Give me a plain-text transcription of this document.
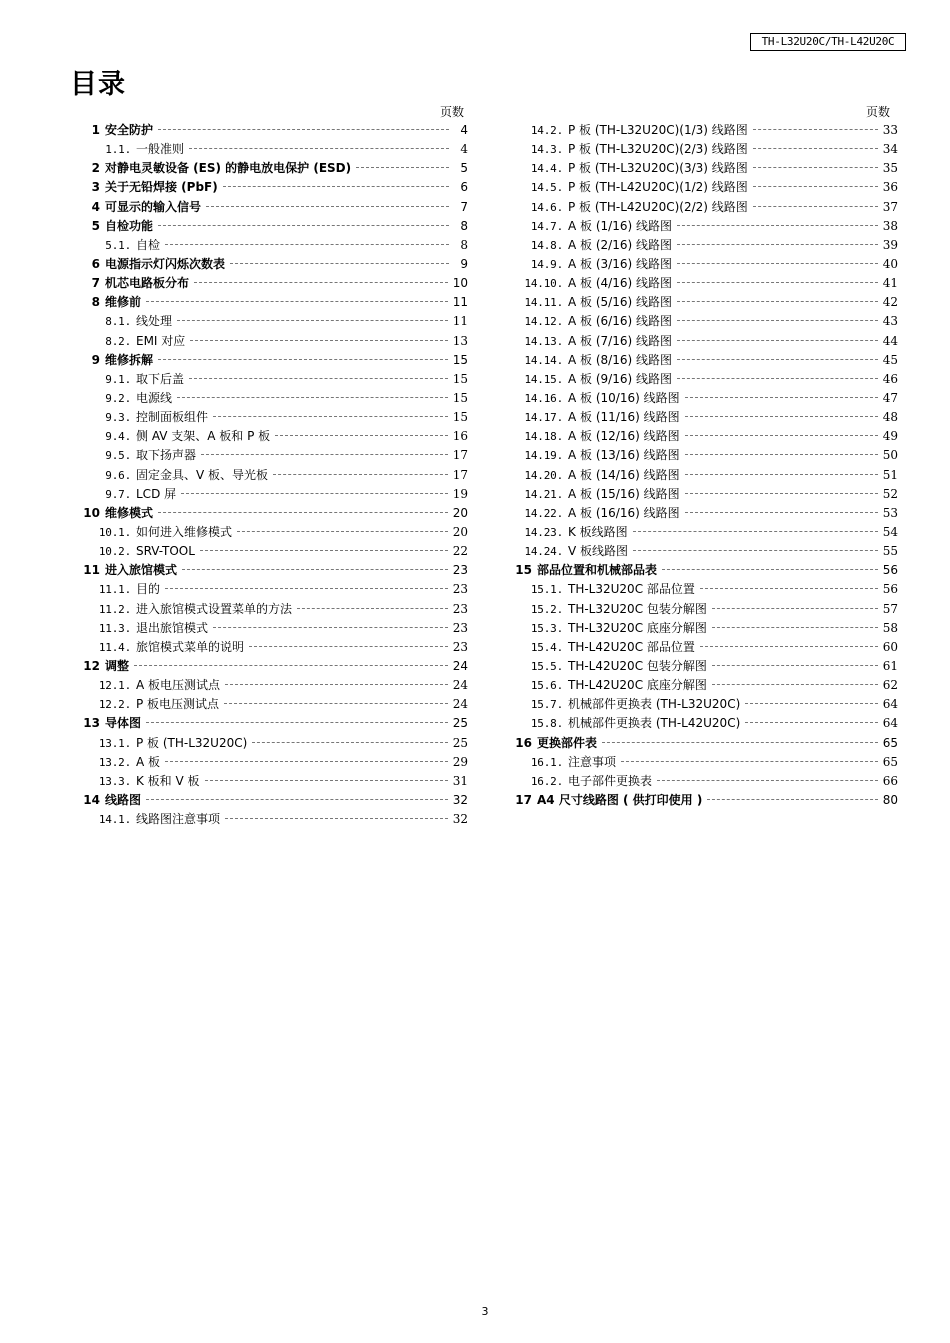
TH-L32U20C/TH-L42U20C
目录
页数	页数
1 安全防护	4
1.1. 一般准则	4
2 对静电灵敏设备 (ES) 的静电放电保护 (ESD)	5
3 关于无铅焊接 (PbF)	6
4 可显示的输入信号	7
5 自检功能	8
5.1. 自检	8
6 电源指示灯闪烁次数表	9
7 机芯电路板分布	10
8 维修前	11
8.1. 线处理	11
8.2. EMI 对应	13
9 维修拆解	15
9.1. 取下后盖	15
9.2. 电源线	15
9.3. 控制面板组件	15
9.4. 侧 AV 支架、A 板和 P 板	16
9.5. 取下扬声器	17
9.6. 固定金具、V 板、导光板	17
9.7. LCD 屏	19
10 维修模式	20
10.1. 如何进入维修模式	20
10.2. SRV-TOOL	22
11 进入旅馆模式	23
11.1. 目的	23
11.2. 进入旅馆模式设置菜单的方法	23
11.3. 退出旅馆模式	23
11.4. 旅馆模式菜单的说明	23
12 调整	24
12.1. A 板电压测试点	24
12.2. P 板电压测试点	24
13 导体图	25
13.1. P 板 (TH-L32U20C)	25
13.2. A 板	29
13.3. K 板和 V 板	31
14 线路图	32
14.1. 线路图注意事项	32
14.2. P 板 (TH-L32U20C)(1/3) 线路图	33
14.3. P 板 (TH-L32U20C)(2/3) 线路图	34
14.4. P 板 (TH-L32U20C)(3/3) 线路图	35
14.5. P 板 (TH-L42U20C)(1/2) 线路图	36
14.6. P 板 (TH-L42U20C)(2/2) 线路图	37
14.7. A 板 (1/16) 线路图	38
14.8. A 板 (2/16) 线路图	39
14.9. A 板 (3/16) 线路图	40
14.10. A 板 (4/16) 线路图	41
14.11. A 板 (5/16) 线路图	42
14.12. A 板 (6/16) 线路图	43
14.13. A 板 (7/16) 线路图	44
14.14. A 板 (8/16) 线路图	45
14.15. A 板 (9/16) 线路图	46
14.16. A 板 (10/16) 线路图	47
14.17. A 板 (11/16) 线路图	48
14.18. A 板 (12/16) 线路图	49
14.19. A 板 (13/16) 线路图	50
14.20. A 板 (14/16) 线路图	51
14.21. A 板 (15/16) 线路图	52
14.22. A 板 (16/16) 线路图	53
14.23. K 板线路图	54
14.24. V 板线路图	55
15 部品位置和机械部品表	56
15.1. TH-L32U20C 部品位置	56
15.2. TH-L32U20C 包装分解图	57
15.3. TH-L32U20C 底座分解图	58
15.4. TH-L42U20C 部品位置	60
15.5. TH-L42U20C 包装分解图	61
15.6. TH-L42U20C 底座分解图	62
15.7. 机械部件更换表 (TH-L32U20C)	64
15.8. 机械部件更换表 (TH-L42U20C)	64
16 更换部件表	65
16.1. 注意事项	65
16.2. 电子部件更换表	66
17 A4 尺寸线路图 ( 供打印使用 )	80
3
